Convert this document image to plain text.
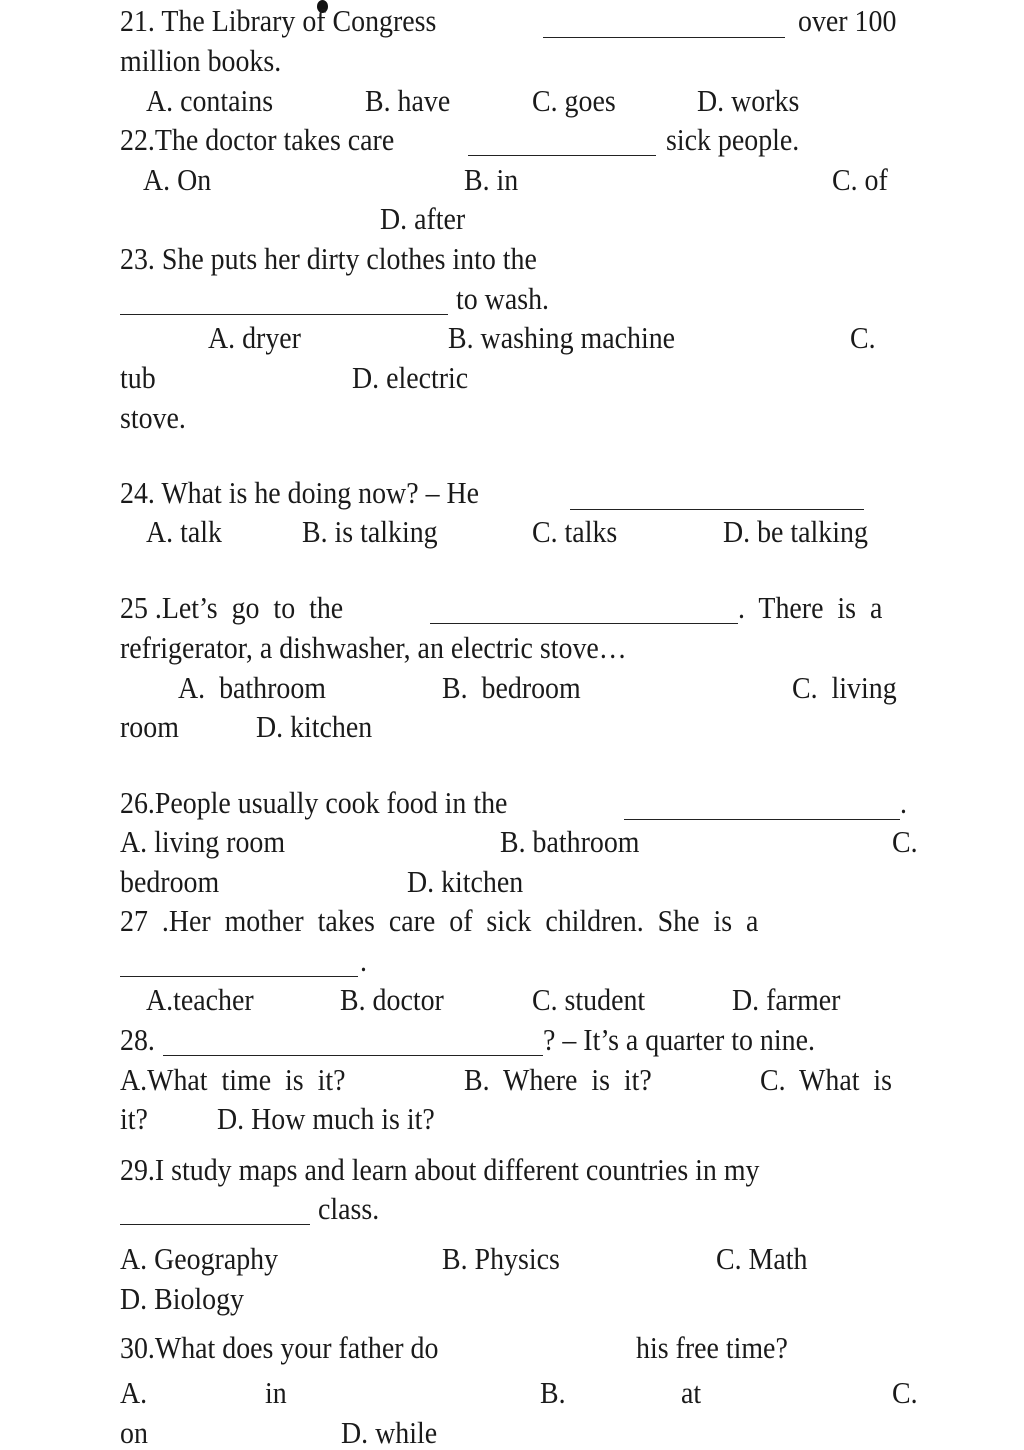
21. The Library of Congress	over 100
million books.
A. contains	B. have	C. goes	D. works
22.The doctor takes care	sick people.
A. On	B. in	C. of
D. after
23. She puts her dirty clothes into the
to wash.
A. dryer	B. washing machine	C.
tub	D. electric
stove.
24. What is he doing now? – He
A. talk	B. is talking	C. talks	D. be talking
25 .Let’s  go  to  the	.  There  is  a
refrigerator, a dishwasher, an electric stove…
A.  bathroom	B.  bedroom	C.  living
room D. kitchen
26.People usually cook food in the	.
A. living room	B. bathroom	C.
bedroom	D. kitchen
27  .Her  mother  takes  care  of  sick  children.  She  is  a
.
A.teacher	B. doctor	C. student	D. farmer
28.	? – It’s a quarter to nine.
A.What  time  is  it?	B.  Where  is  it?	C.  What  is
it? D. How much is it?
29.I study maps and learn about different countries in my
class.
A. Geography	B. Physics	C. Math
D. Biology
30.What does your father do	his free time?
A.	in	B.	at	C.
on	D. while
